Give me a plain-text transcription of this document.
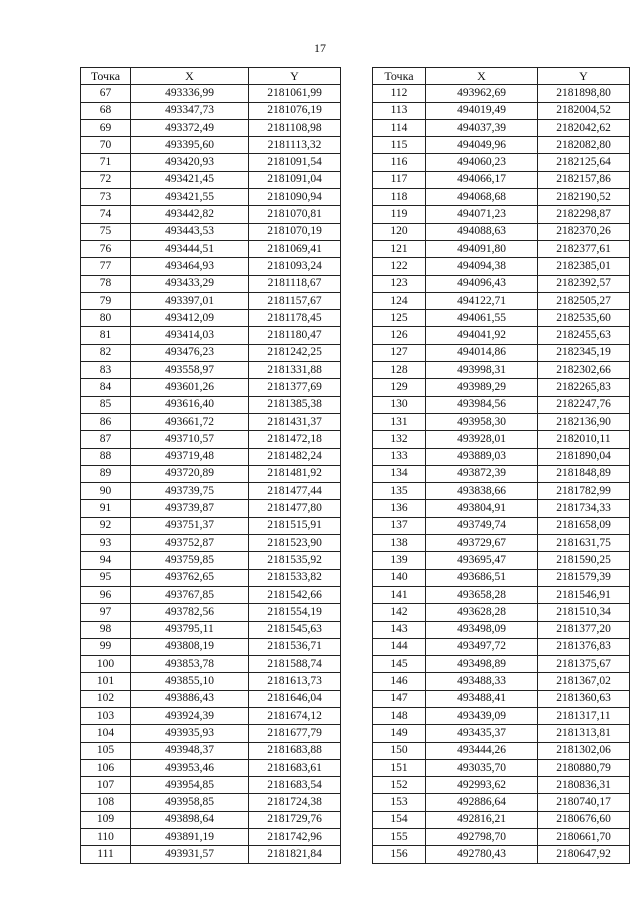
17
Точка	X	Y
67	493336,99	2181061,99
68	493347,73	2181076,19
69	493372,49	2181108,98
70	493395,60	2181113,32
71	493420,93	2181091,54
72	493421,45	2181091,04
73	493421,55	2181090,94
74	493442,82	2181070,81
75	493443,53	2181070,19
76	493444,51	2181069,41
77	493464,93	2181093,24
78	493433,29	2181118,67
79	493397,01	2181157,67
80	493412,09	2181178,45
81	493414,03	2181180,47
82	493476,23	2181242,25
83	493558,97	2181331,88
84	493601,26	2181377,69
85	493616,40	2181385,38
86	493661,72	2181431,37
87	493710,57	2181472,18
88	493719,48	2181482,24
89	493720,89	2181481,92
90	493739,75	2181477,44
91	493739,87	2181477,80
92	493751,37	2181515,91
93	493752,87	2181523,90
94	493759,85	2181535,92
95	493762,65	2181533,82
96	493767,85	2181542,66
97	493782,56	2181554,19
98	493795,11	2181545,63
99	493808,19	2181536,71
100	493853,78	2181588,74
101	493855,10	2181613,73
102	493886,43	2181646,04
103	493924,39	2181674,12
104	493935,93	2181677,79
105	493948,37	2181683,88
106	493953,46	2181683,61
107	493954,85	2181683,54
108	493958,85	2181724,38
109	493898,64	2181729,76
110	493891,19	2181742,96
111	493931,57	2181821,84
Точка	X	Y
112	493962,69	2181898,80
113	494019,49	2182004,52
114	494037,39	2182042,62
115	494049,96	2182082,80
116	494060,23	2182125,64
117	494066,17	2182157,86
118	494068,68	2182190,52
119	494071,23	2182298,87
120	494088,63	2182370,26
121	494091,80	2182377,61
122	494094,38	2182385,01
123	494096,43	2182392,57
124	494122,71	2182505,27
125	494061,55	2182535,60
126	494041,92	2182455,63
127	494014,86	2182345,19
128	493998,31	2182302,66
129	493989,29	2182265,83
130	493984,56	2182247,76
131	493958,30	2182136,90
132	493928,01	2182010,11
133	493889,03	2181890,04
134	493872,39	2181848,89
135	493838,66	2181782,99
136	493804,91	2181734,33
137	493749,74	2181658,09
138	493729,67	2181631,75
139	493695,47	2181590,25
140	493686,51	2181579,39
141	493658,28	2181546,91
142	493628,28	2181510,34
143	493498,09	2181377,20
144	493497,72	2181376,83
145	493498,89	2181375,67
146	493488,33	2181367,02
147	493488,41	2181360,63
148	493439,09	2181317,11
149	493435,37	2181313,81
150	493444,26	2181302,06
151	493035,70	2180880,79
152	492993,62	2180836,31
153	492886,64	2180740,17
154	492816,21	2180676,60
155	492798,70	2180661,70
156	492780,43	2180647,92
